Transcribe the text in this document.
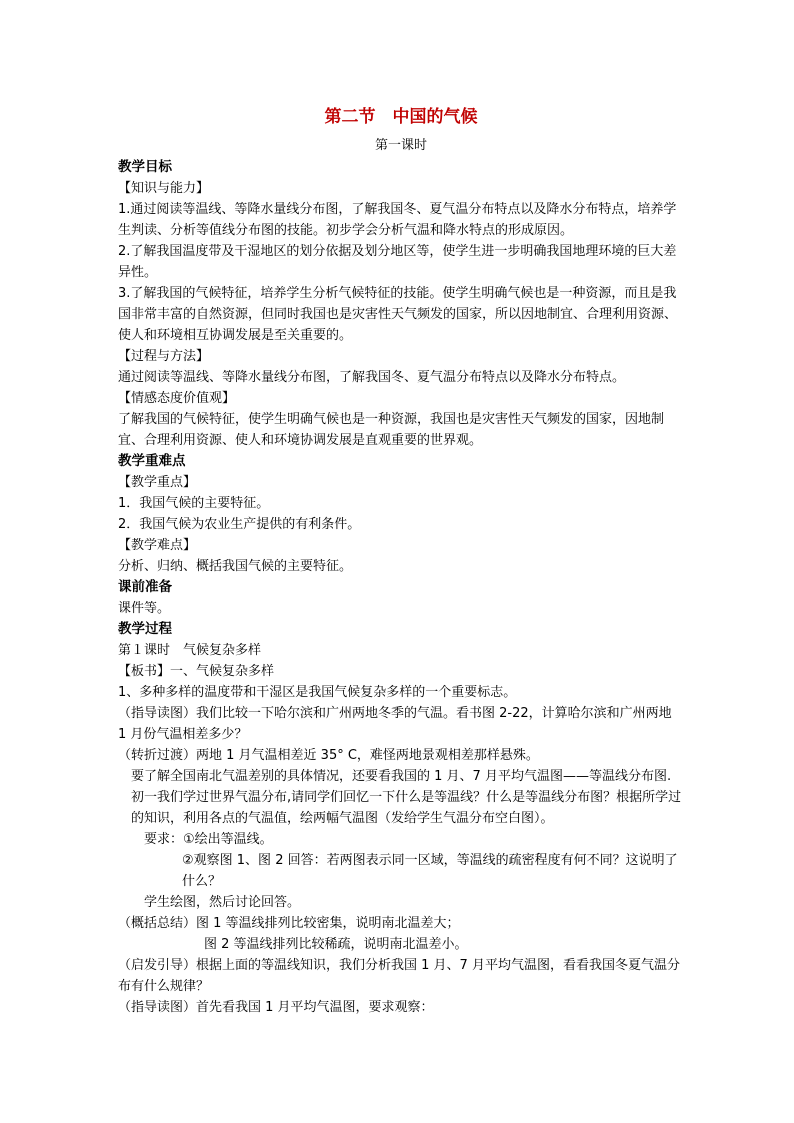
第二节　中国的气候
第一课时
教学目标
【知识与能力】
1.通过阅读等温线、等降水量线分布图，了解我国冬、夏气温分布特点以及降水分布特点，培养学生判读、分析等值线分布图的技能。初步学会分析气温和降水特点的形成原因。
2.了解我国温度带及干湿地区的划分依据及划分地区等，使学生进一步明确我国地理环境的巨大差异性。
3.了解我国的气候特征，培养学生分析气候特征的技能。使学生明确气候也是一种资源，而且是我国非常丰富的自然资源，但同时我国也是灾害性天气频发的国家，所以因地制宜、合理利用资源、使人和环境相互协调发展是至关重要的。
【过程与方法】
通过阅读等温线、等降水量线分布图，了解我国冬、夏气温分布特点以及降水分布特点。
【情感态度价值观】
了解我国的气候特征，使学生明确气候也是一种资源，我国也是灾害性天气频发的国家，因地制宜、合理利用资源、使人和环境协调发展是直观重要的世界观。
教学重难点
【教学重点】
1．我国气候的主要特征。
2．我国气候为农业生产提供的有利条件。
【教学难点】
分析、归纳、概括我国气候的主要特征。
课前准备
课件等。
教学过程
第１课时　气候复杂多样
【板书】一、气候复杂多样
1、多种多样的温度带和干湿区是我国气候复杂多样的一个重要标志。
（指导读图）我们比较一下哈尔滨和广州两地冬季的气温。看书图 2-22，计算哈尔滨和广州两地 1 月份气温相差多少？
（转折过渡）两地 1 月气温相差近 35° C，难怪两地景观相差那样悬殊。
要了解全国南北气温差别的具体情况，还要看我国的 1 月、7 月平均气温图——等温线分布图.初一我们学过世界气温分布,请同学们回忆一下什么是等温线？什么是等温线分布图？根据所学过的知识，利用各点的气温值，绘两幅气温图（发给学生气温分布空白图）。
要求：①绘出等温线。
②观察图 1、图 2 回答：若两图表示同一区域，等温线的疏密程度有何不同？这说明了什么？
学生绘图，然后讨论回答。
（概括总结）图 1 等温线排列比较密集，说明南北温差大；
图 2 等温线排列比较稀疏，说明南北温差小。
（启发引导）根据上面的等温线知识，我们分析我国 1 月、7 月平均气温图，看看我国冬夏气温分布有什么规律？
（指导读图）首先看我国 1 月平均气温图，要求观察：
